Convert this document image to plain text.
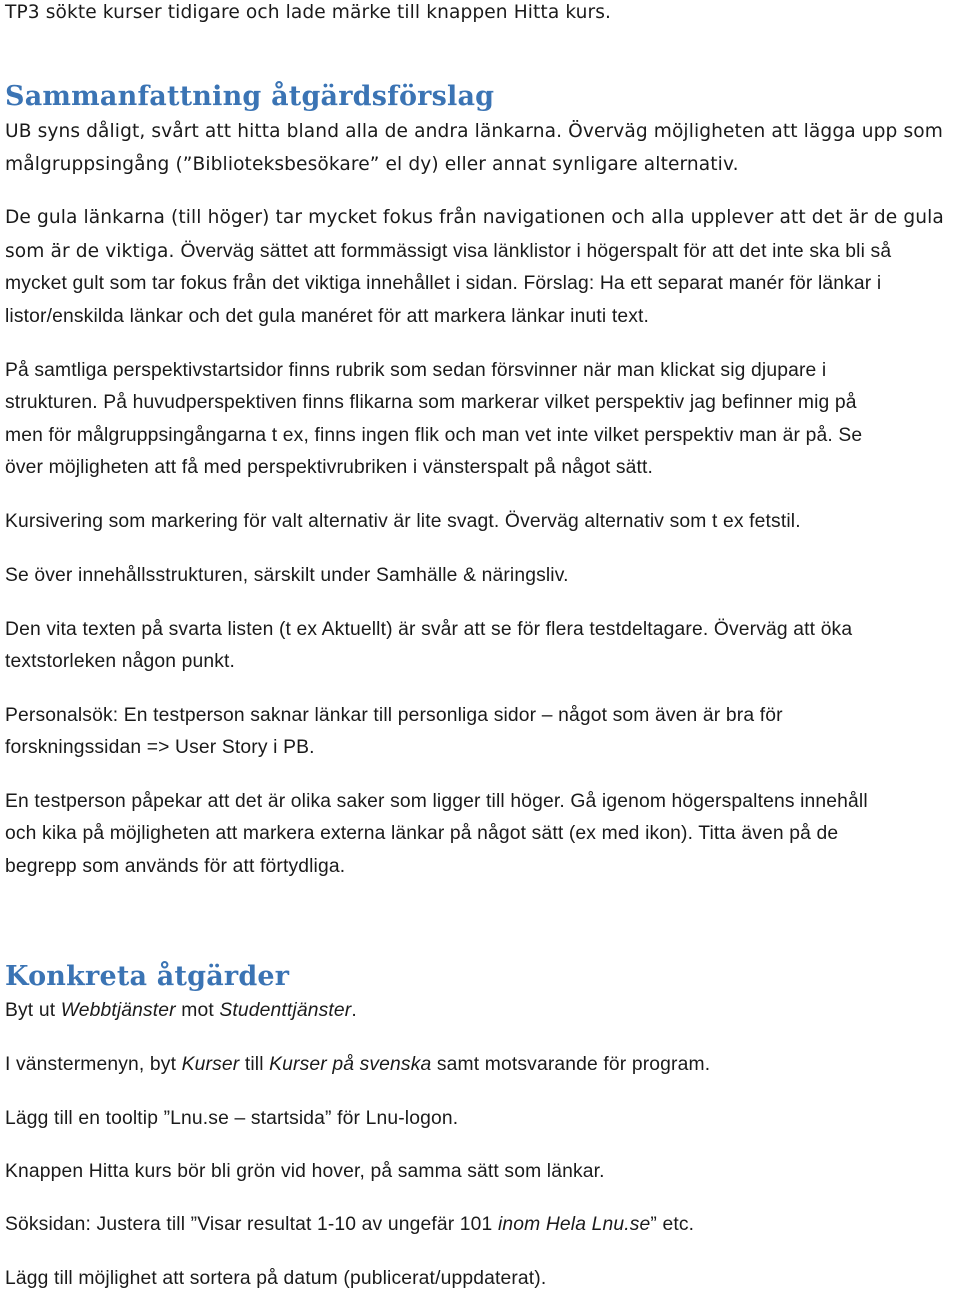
TP3 sökte kurser tidigare och lade märke till knappen Hitta kurs.

Sammanfattning åtgärdsförslag

UB syns dåligt, svårt att hitta bland alla de andra länkarna. Överväg möjligheten att lägga upp som

målgruppsingång (”Biblioteksbesökare” el dy) eller annat synligare alternativ.

De gula länkarna (till höger) tar mycket fokus från navigationen och alla upplever att det är de gula

som är de viktiga. Överväg sättet att formmässigt visa länklistor i högerspalt för att det inte ska bli så

mycket gult som tar fokus från det viktiga innehållet i sidan. Förslag: Ha ett separat manér för länkar i

listor/enskilda länkar och det gula manéret för att markera länkar inuti text.

På samtliga perspektivstartsidor finns rubrik som sedan försvinner när man klickat sig djupare i

strukturen. På huvudperspektiven finns flikarna som markerar vilket perspektiv jag befinner mig på

men för målgruppsingångarna t ex, finns ingen flik och man vet inte vilket perspektiv man är på. Se

över möjligheten att få med perspektivrubriken i vänsterspalt på något sätt.

Kursivering som markering för valt alternativ är lite svagt. Överväg alternativ som t ex fetstil.

Se över innehållsstrukturen, särskilt under Samhälle & näringsliv.

Den vita texten på svarta listen (t ex Aktuellt) är svår att se för flera testdeltagare. Överväg att öka

textstorleken någon punkt.

Personalsök: En testperson saknar länkar till personliga sidor – något som även är bra för

forskningssidan => User Story i PB.

En testperson påpekar att det är olika saker som ligger till höger. Gå igenom högerspaltens innehåll

och kika på möjligheten att markera externa länkar på något sätt (ex med ikon). Titta även på de

begrepp som används för att förtydliga.

Konkreta åtgärder

Byt ut Webbtjänster mot Studenttjänster.

I vänstermenyn, byt Kurser till Kurser på svenska samt motsvarande för program.

Lägg till en tooltip ”Lnu.se – startsida” för Lnu-logon.

Knappen Hitta kurs bör bli grön vid hover, på samma sätt som länkar.

Söksidan: Justera till ”Visar resultat 1-10 av ungefär 101 inom Hela Lnu.se” etc.

Lägg till möjlighet att sortera på datum (publicerat/uppdaterat).
